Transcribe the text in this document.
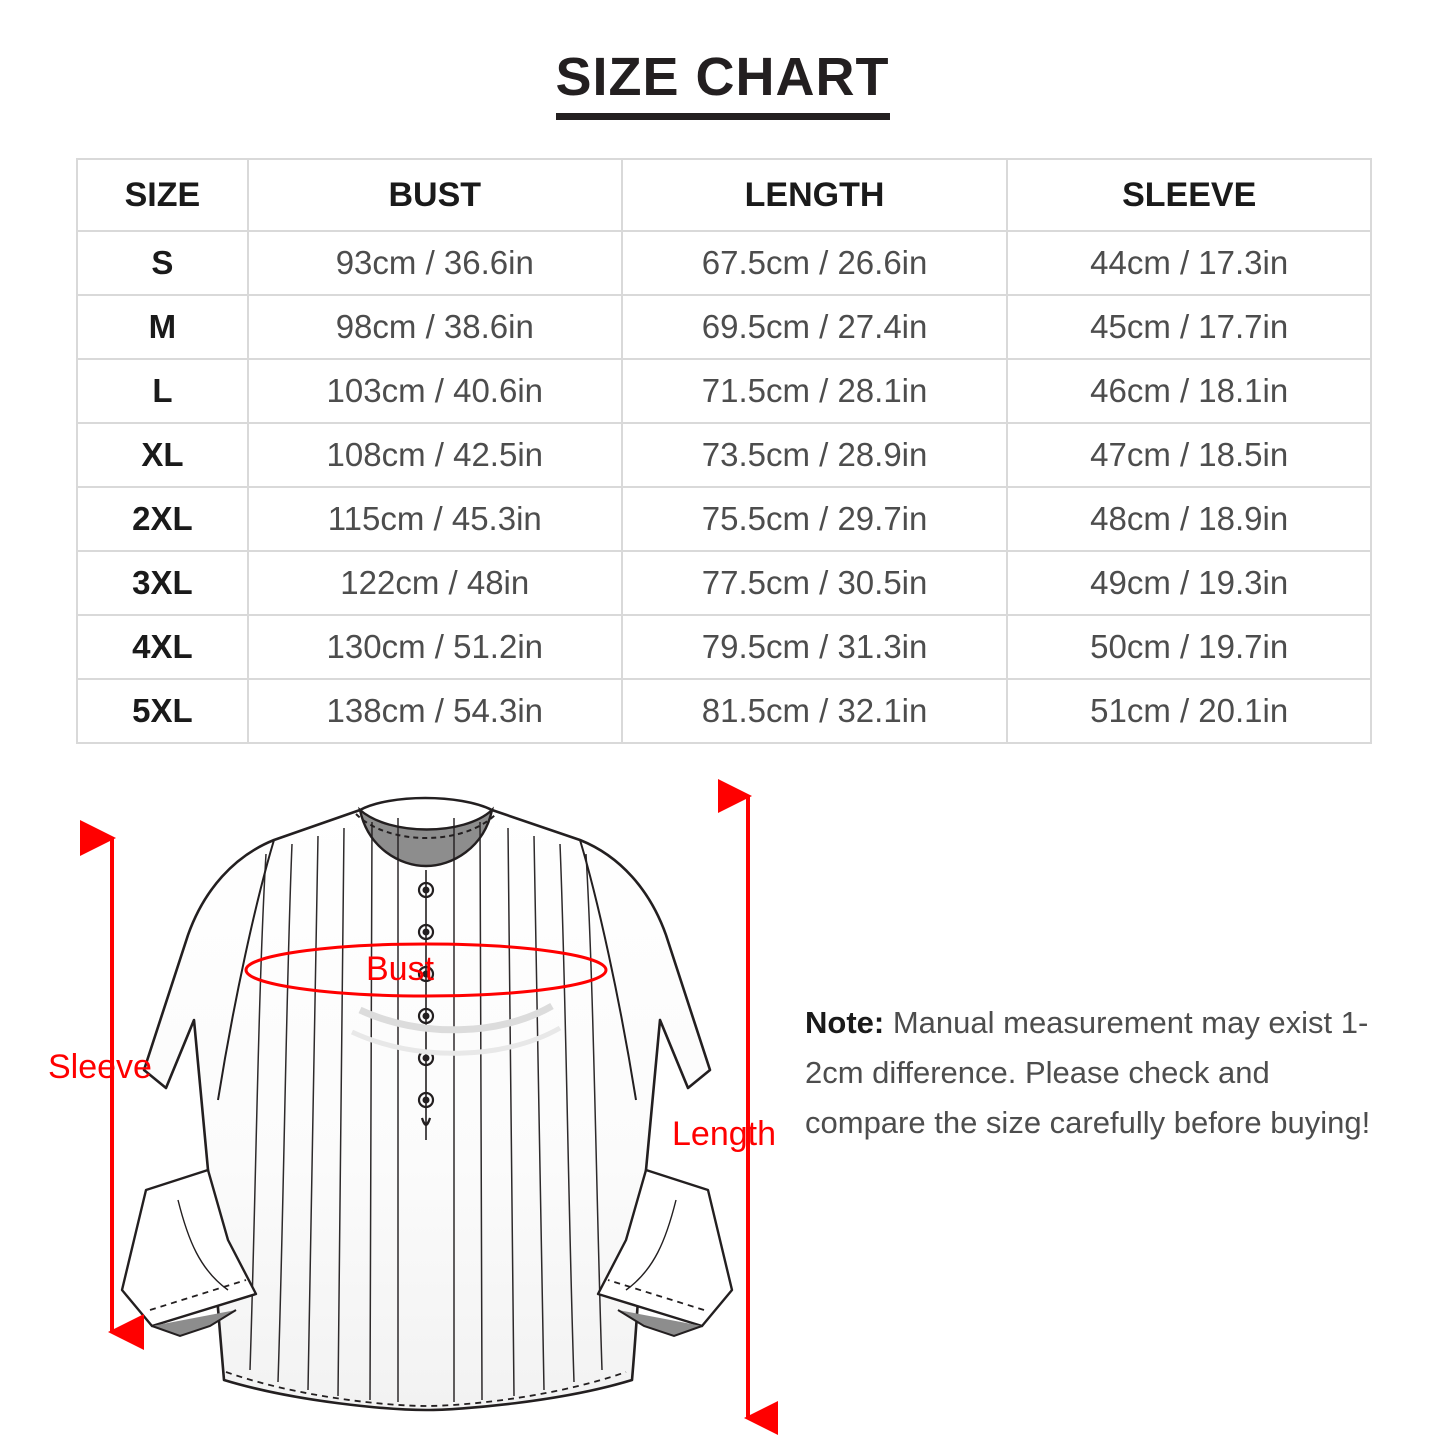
SIZE CHART
SIZE	BUST	LENGTH	SLEEVE
S	93cm / 36.6in	67.5cm / 26.6in	44cm / 17.3in
M	98cm / 38.6in	69.5cm / 27.4in	45cm / 17.7in
L	103cm / 40.6in	71.5cm / 28.1in	46cm / 18.1in
XL	108cm / 42.5in	73.5cm / 28.9in	47cm / 18.5in
2XL	115cm / 45.3in	75.5cm / 29.7in	48cm / 18.9in
3XL	122cm / 48in	77.5cm / 30.5in	49cm / 19.3in
4XL	130cm / 51.2in	79.5cm / 31.3in	50cm / 19.7in
5XL	138cm / 54.3in	81.5cm / 32.1in	51cm / 20.1in
Sleeve
Bust
Length
Note: Manual measurement may exist 1-2cm difference. Please check and compare the size carefully before buying!
